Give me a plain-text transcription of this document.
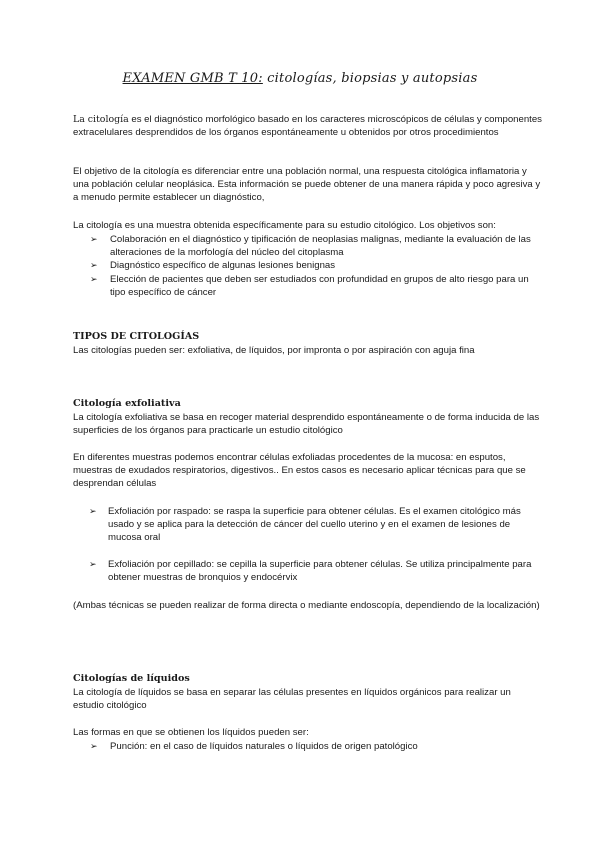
EXAMEN GMB T 10: citologías, biopsias y autopsias
La citología es el diagnóstico morfológico basado en los caracteres microscópicos de células y componentes extracelulares desprendidos de los órganos espontáneamente u obtenidos por otros procedimientos
El objetivo de la citología es diferenciar entre una población normal, una respuesta citológica inflamatoria y una población celular neoplásica. Esta información se puede obtener de una manera rápida y poco agresiva y a menudo permite establecer un diagnóstico,
La citología es una muestra obtenida específicamente para su estudio citológico. Los objetivos son:
➢ Colaboración en el diagnóstico y tipificación de neoplasias malignas, mediante la evaluación de las alteraciones de la morfología del núcleo del citoplasma
➢ Diagnóstico específico de algunas lesiones benignas
➢ Elección de pacientes que deben ser estudiados con profundidad en grupos de alto riesgo para un tipo específico de cáncer
TIPOS DE CITOLOGÍAS
Las citologías pueden ser: exfoliativa, de líquidos, por impronta o por aspiración con aguja fina
Citología exfoliativa
La citología exfoliativa se basa en recoger material desprendido espontáneamente o de forma inducida de las superficies de los órganos para practicarle un estudio citológico
En diferentes muestras podemos encontrar células exfoliadas procedentes de la mucosa: en esputos, muestras de exudados respiratorios, digestivos.. En estos casos es necesario aplicar técnicas para que se desprendan células
➢ Exfoliación por raspado: se raspa la superficie para obtener células. Es el examen citológico más usado y se aplica para la detección de cáncer del cuello uterino y en el examen de lesiones de mucosa oral
➢ Exfoliación por cepillado: se cepilla la superficie para obtener células. Se utiliza principalmente para obtener muestras de bronquios y endocérvix
(Ambas técnicas se pueden realizar de forma directa o mediante endoscopía, dependiendo de la localización)
Citologías de líquidos
La citología de líquidos se basa en separar las células presentes en líquidos orgánicos para realizar un estudio citológico
Las formas en que se obtienen los líquidos pueden ser:
➢ Punción: en el caso de líquidos naturales o líquidos de origen patológico
